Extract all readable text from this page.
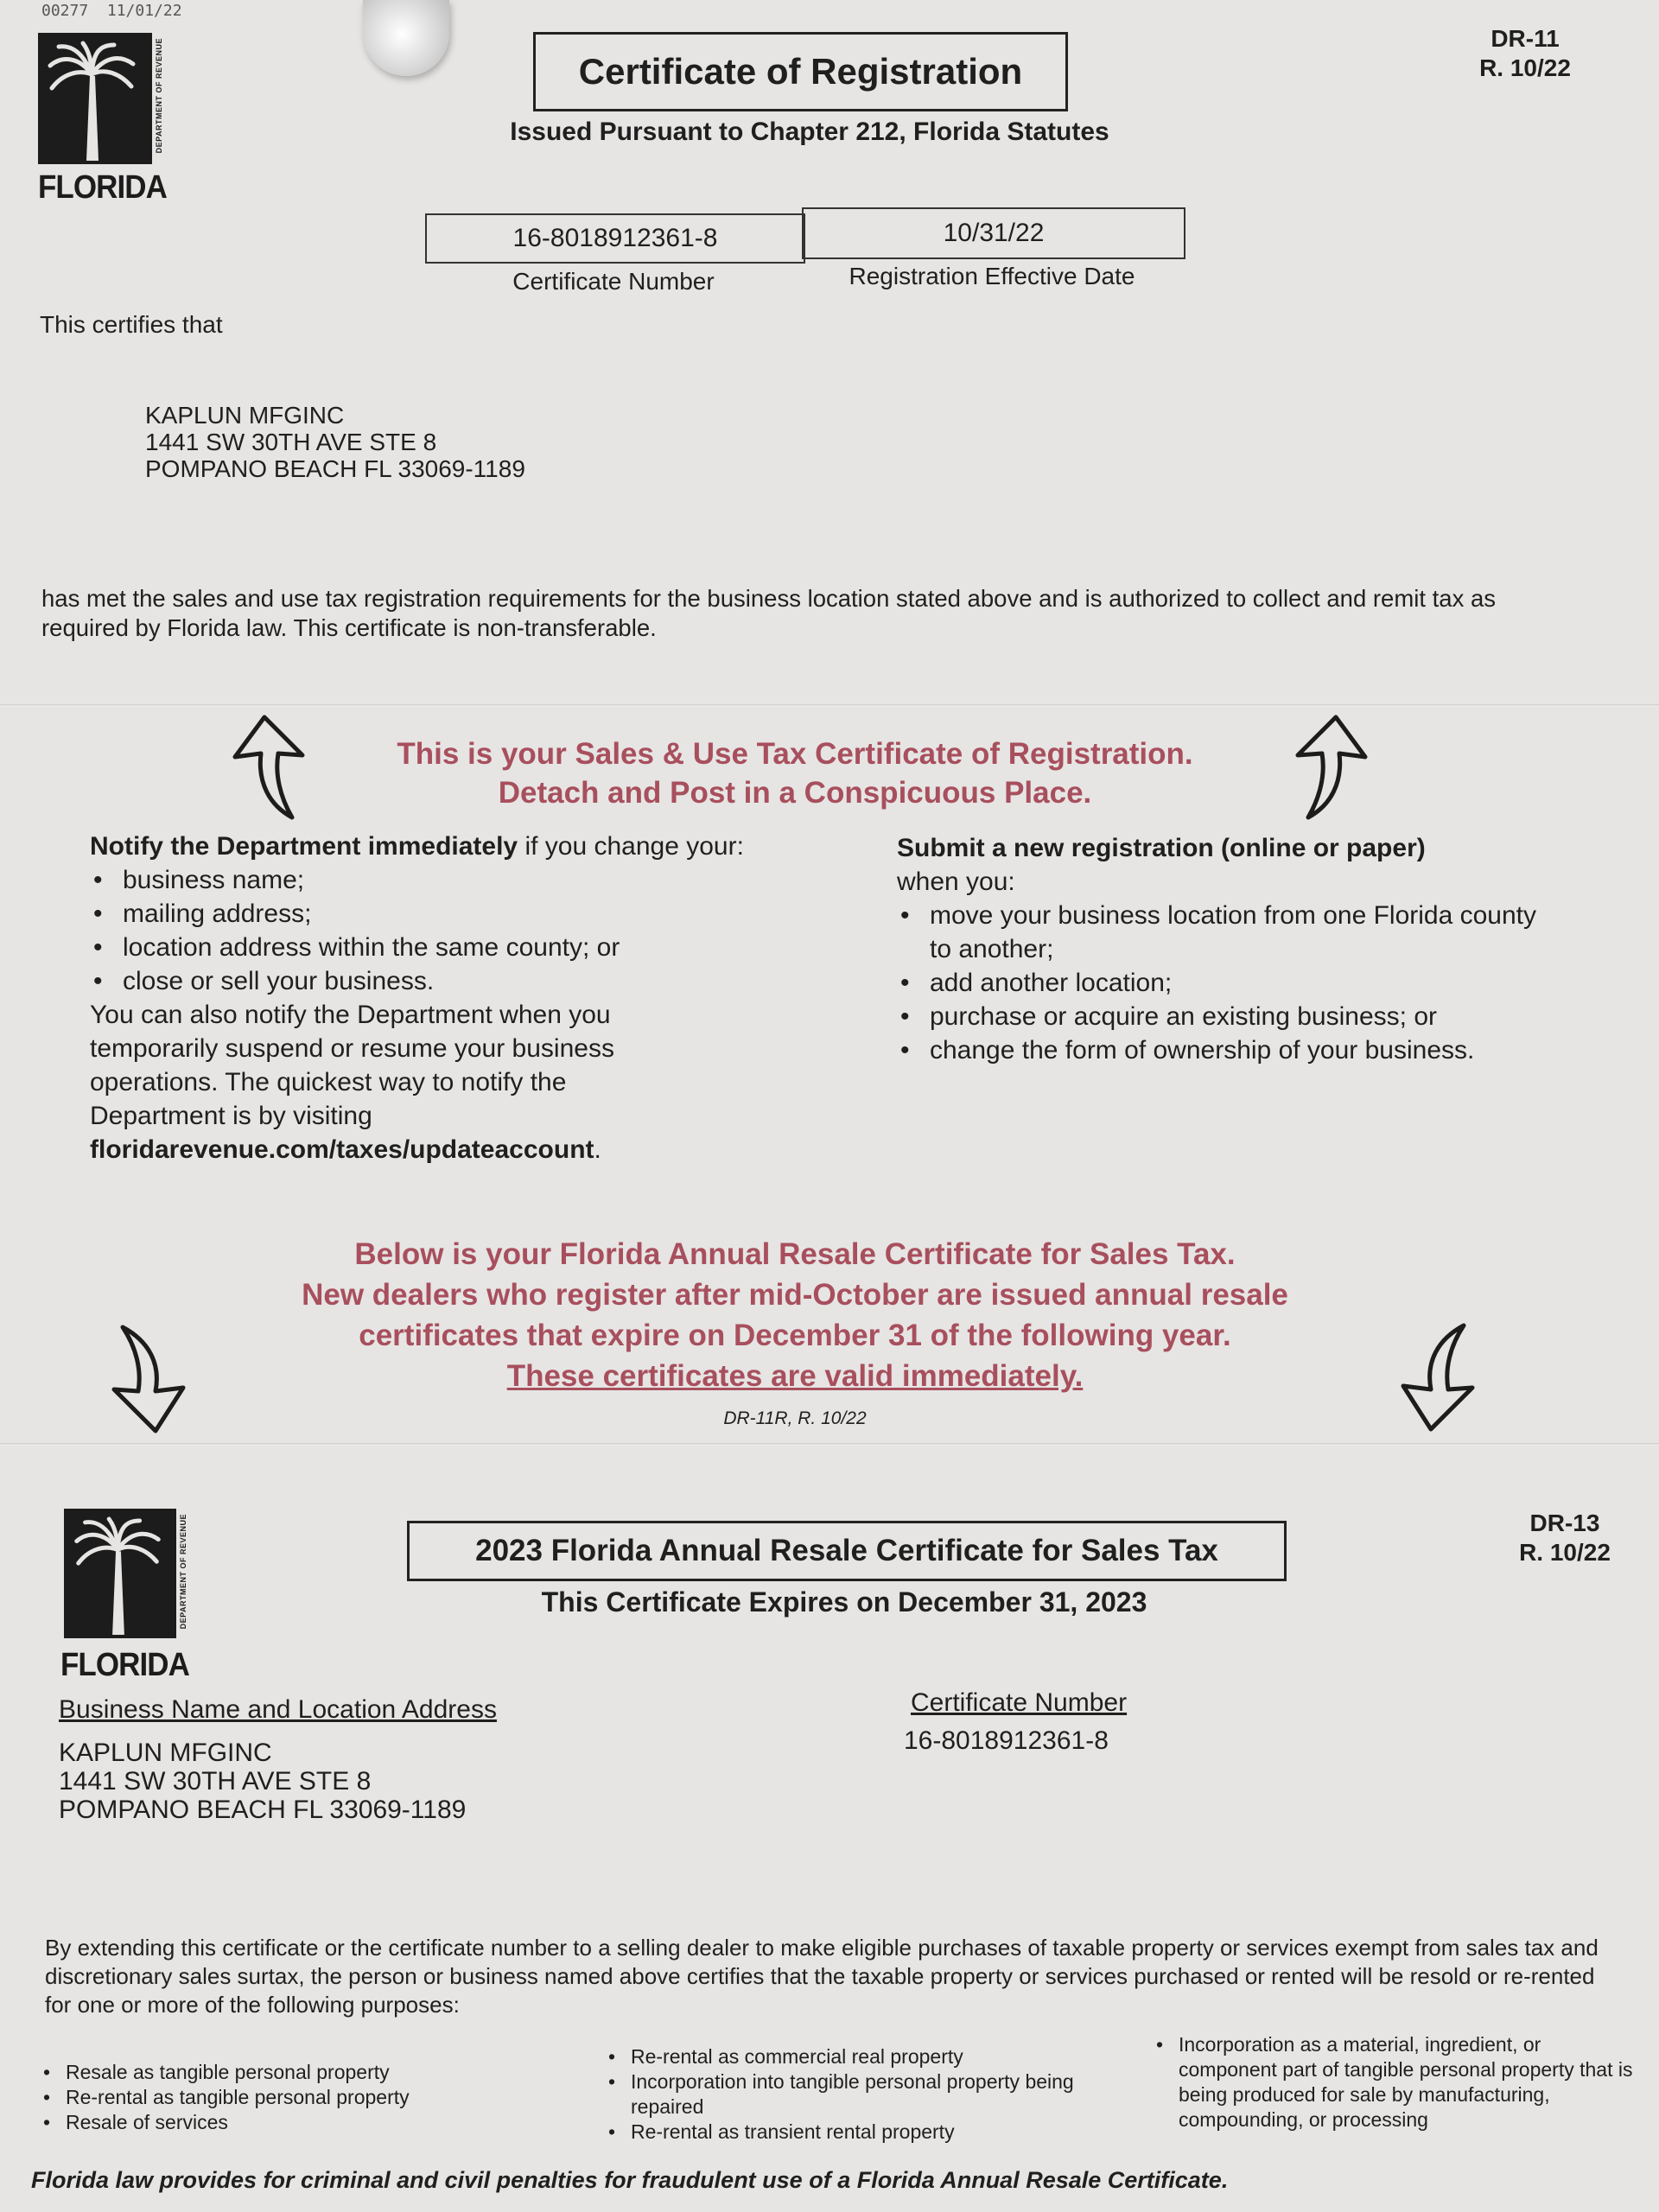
00277 11/01/22
DEPARTMENT OF REVENUE
FLORIDA
Certificate of Registration
Issued Pursuant to Chapter 212, Florida Statutes
DR-11
R. 10/22
16-8018912361-8	10/31/22
Certificate Number	Registration Effective Date
This certifies that
KAPLUN MFGINC
1441 SW 30TH AVE STE 8
POMPANO BEACH FL 33069-1189
has met the sales and use tax registration requirements for the business location stated above and is authorized to collect and remit tax as required by Florida law. This certificate is non-transferable.
This is your Sales & Use Tax Certificate of Registration.
Detach and Post in a Conspicuous Place.
Notify the Department immediately if you change your:
• business name;
• mailing address;
• location address within the same county; or
• close or sell your business.
You can also notify the Department when you temporarily suspend or resume your business operations. The quickest way to notify the Department is by visiting
floridarevenue.com/taxes/updateaccount.
Submit a new registration (online or paper)
when you:
• move your business location from one Florida county to another;
• add another location;
• purchase or acquire an existing business; or
• change the form of ownership of your business.
Below is your Florida Annual Resale Certificate for Sales Tax.
New dealers who register after mid-October are issued annual resale
certificates that expire on December 31 of the following year.
These certificates are valid immediately.
DR-11R, R. 10/22
DEPARTMENT OF REVENUE
FLORIDA
2023 Florida Annual Resale Certificate for Sales Tax
This Certificate Expires on December 31, 2023
DR-13
R. 10/22
Business Name and Location Address
KAPLUN MFGINC
1441 SW 30TH AVE STE 8
POMPANO BEACH FL 33069-1189
Certificate Number
16-8018912361-8
By extending this certificate or the certificate number to a selling dealer to make eligible purchases of taxable property or services exempt from sales tax and discretionary sales surtax, the person or business named above certifies that the taxable property or services purchased or rented will be resold or re-rented for one or more of the following purposes:
• Resale as tangible personal property
• Re-rental as tangible personal property
• Resale of services
• Re-rental as commercial real property
• Incorporation into tangible personal property being repaired
• Re-rental as transient rental property
• Incorporation as a material, ingredient, or component part of tangible personal property that is being produced for sale by manufacturing, compounding, or processing
Florida law provides for criminal and civil penalties for fraudulent use of a Florida Annual Resale Certificate.
